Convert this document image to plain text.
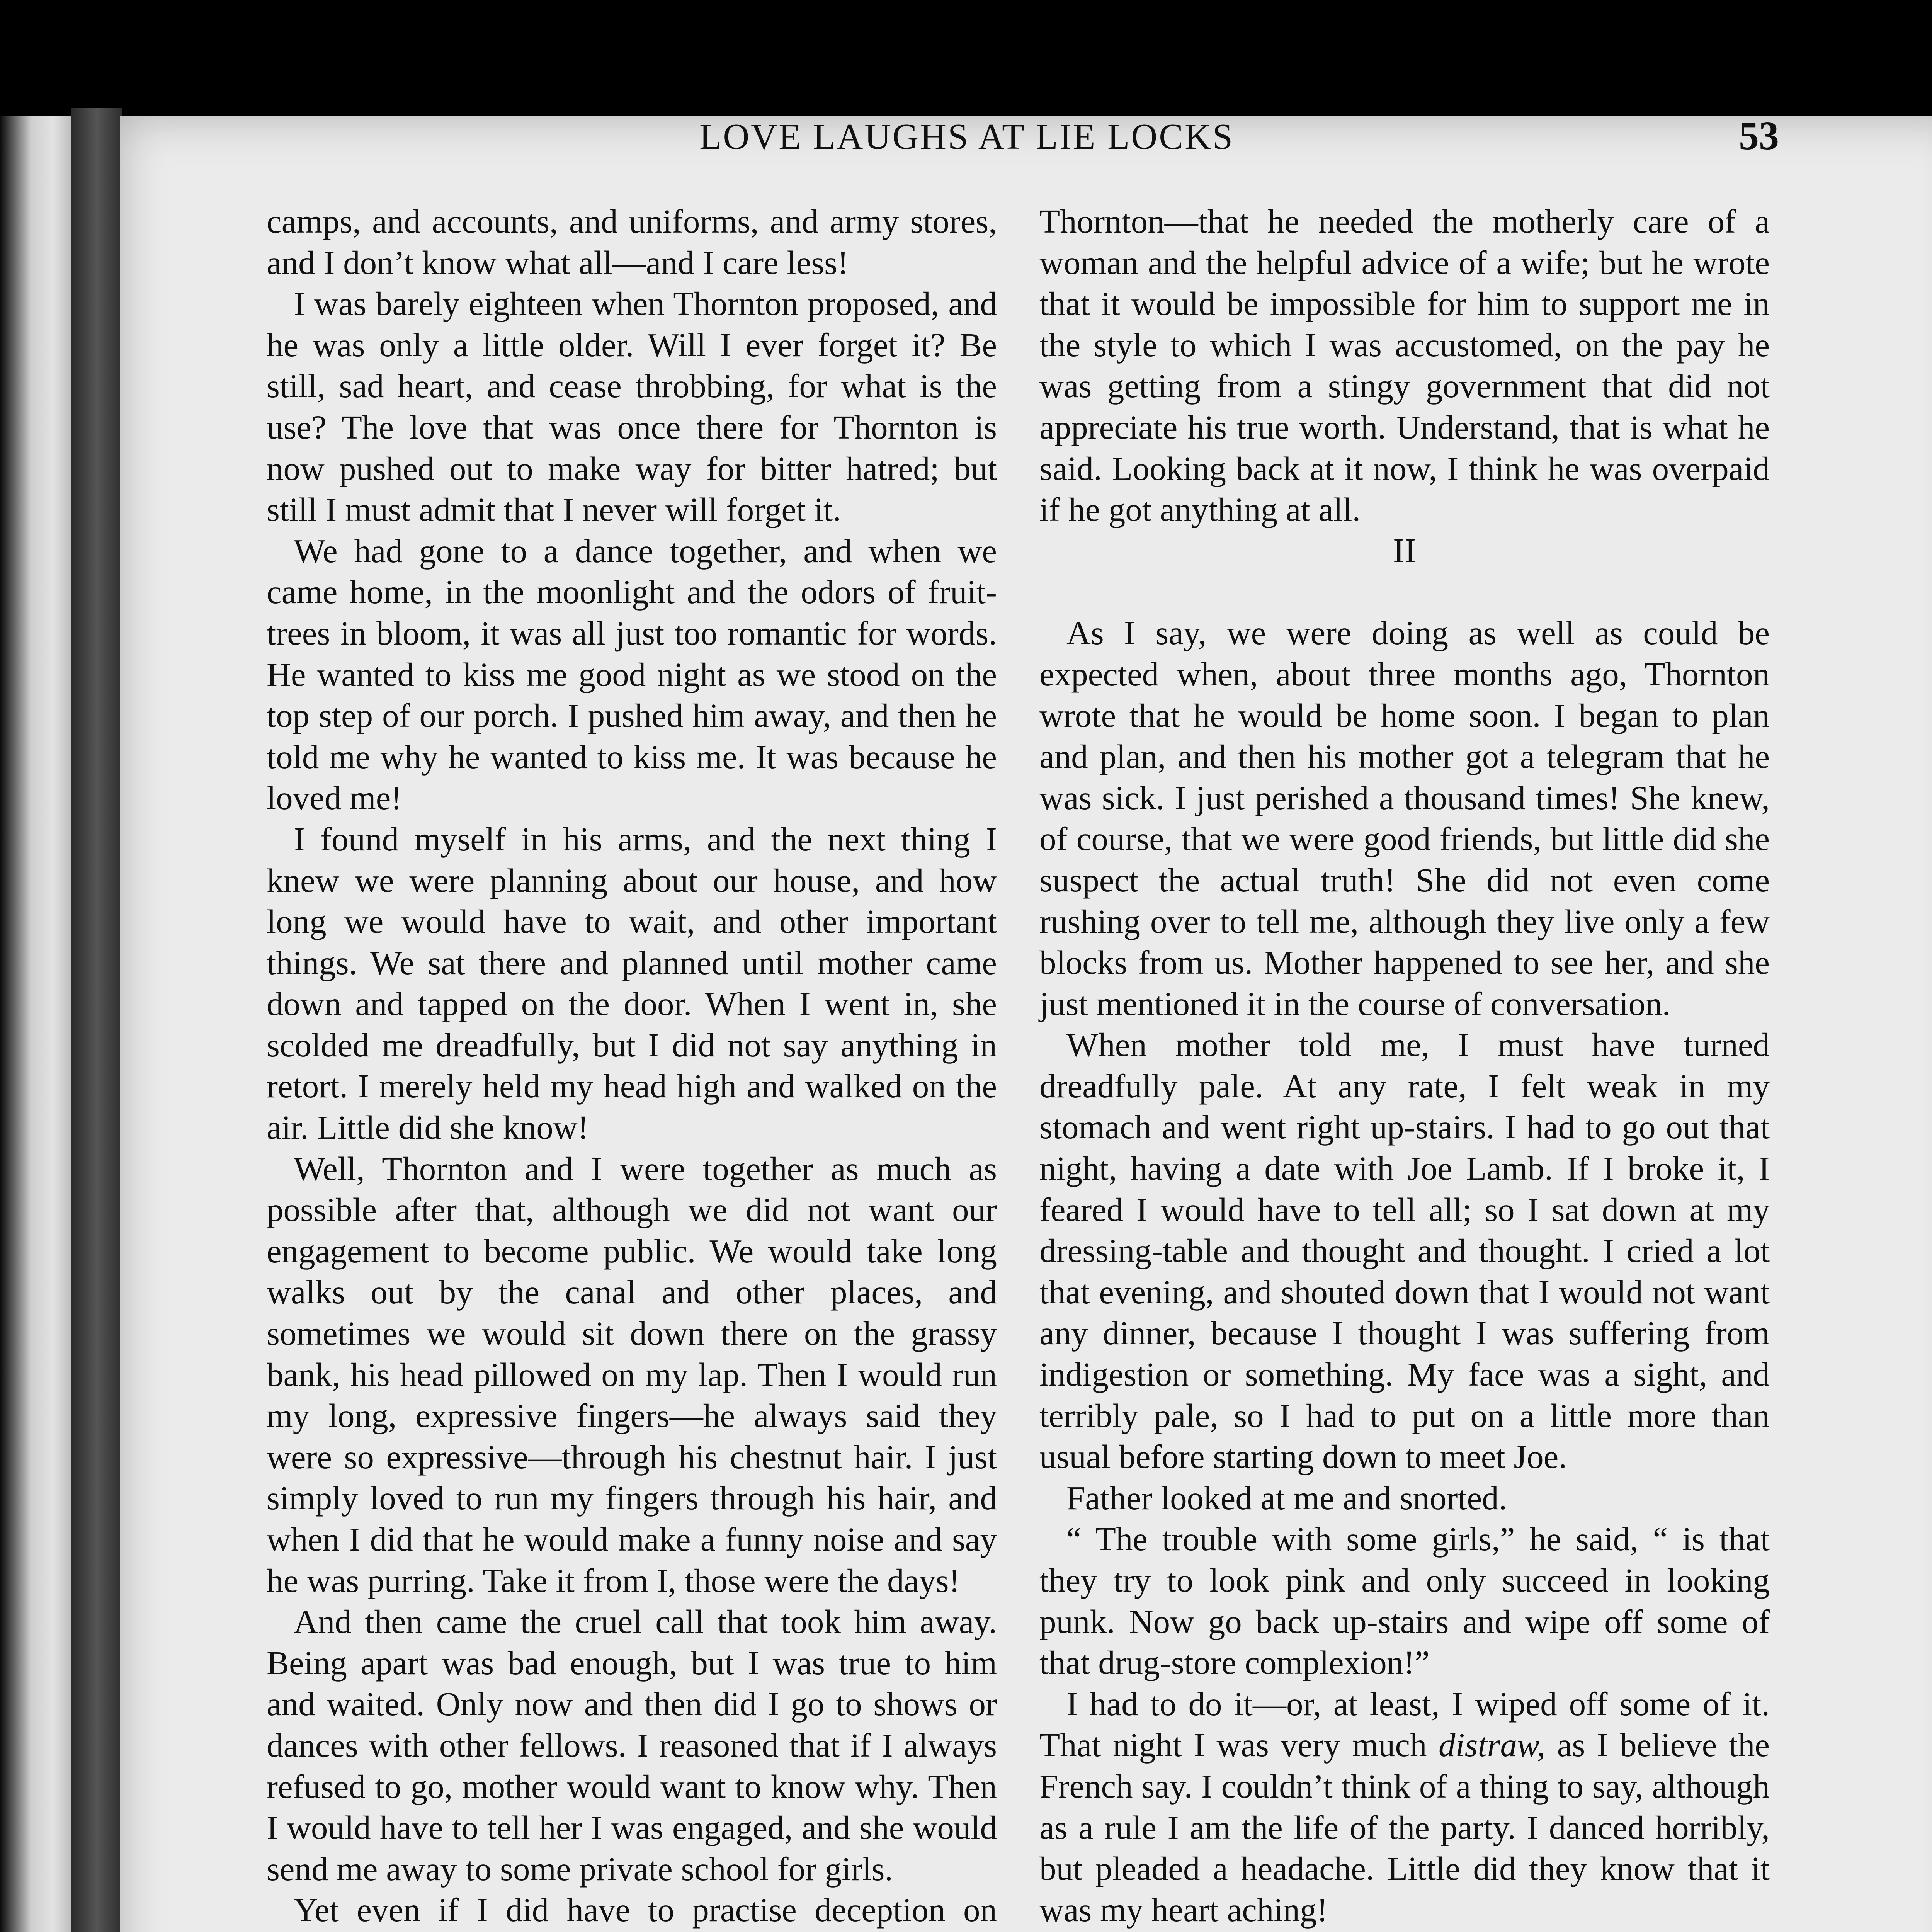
LOVE LAUGHS AT LIE LOCKS	53

camps, and accounts, and uniforms, and army stores, and I don’t know what all—and I care less!

I was barely eighteen when Thornton proposed, and he was only a little older. Will I ever forget it? Be still, sad heart, and cease throbbing, for what is the use? The love that was once there for Thornton is now pushed out to make way for bitter hatred; but still I must admit that I never will forget it.

We had gone to a dance together, and when we came home, in the moonlight and the odors of fruit-trees in bloom, it was all just too romantic for words. He wanted to kiss me good night as we stood on the top step of our porch. I pushed him away, and then he told me why he wanted to kiss me. It was because he loved me!

I found myself in his arms, and the next thing I knew we were planning about our house, and how long we would have to wait, and other important things. We sat there and planned until mother came down and tapped on the door. When I went in, she scolded me dreadfully, but I did not say anything in retort. I merely held my head high and walked on the air. Little did she know!

Well, Thornton and I were together as much as possible after that, although we did not want our engagement to become public. We would take long walks out by the canal and other places, and sometimes we would sit down there on the grassy bank, his head pillowed on my lap. Then I would run my long, expressive fingers—he always said they were so expressive—through his chestnut hair. I just simply loved to run my fingers through his hair, and when I did that he would make a funny noise and say he was purring. Take it from I, those were the days!

And then came the cruel call that took him away. Being apart was bad enough, but I was true to him and waited. Only now and then did I go to shows or dances with other fellows. I reasoned that if I always refused to go, mother would want to know why. Then I would have to tell her I was engaged, and she would send me away to some private school for girls.

Yet even if I did have to practise deception on

Thornton—that he needed the motherly care of a woman and the helpful advice of a wife; but he wrote that it would be impossible for him to support me in the style to which I was accustomed, on the pay he was getting from a stingy government that did not appreciate his true worth. Understand, that is what he said. Looking back at it now, I think he was overpaid if he got anything at all.

II

As I say, we were doing as well as could be expected when, about three months ago, Thornton wrote that he would be home soon. I began to plan and plan, and then his mother got a telegram that he was sick. I just perished a thousand times! She knew, of course, that we were good friends, but little did she suspect the actual truth! She did not even come rushing over to tell me, although they live only a few blocks from us. Mother happened to see her, and she just mentioned it in the course of conversation.

When mother told me, I must have turned dreadfully pale. At any rate, I felt weak in my stomach and went right up-stairs. I had to go out that night, having a date with Joe Lamb. If I broke it, I feared I would have to tell all; so I sat down at my dressing-table and thought and thought. I cried a lot that evening, and shouted down that I would not want any dinner, because I thought I was suffering from indigestion or something. My face was a sight, and terribly pale, so I had to put on a little more than usual before starting down to meet Joe.

Father looked at me and snorted.

“ The trouble with some girls,” he said, “ is that they try to look pink and only succeed in looking punk. Now go back up-stairs and wipe off some of that drug-store complexion!”

I had to do it—or, at least, I wiped off some of it. That night I was very much distraw, as I believe the French say. I couldn’t think of a thing to say, although as a rule I am the life of the party. I danced horribly, but pleaded a headache. Little did they know that it was my heart aching!
